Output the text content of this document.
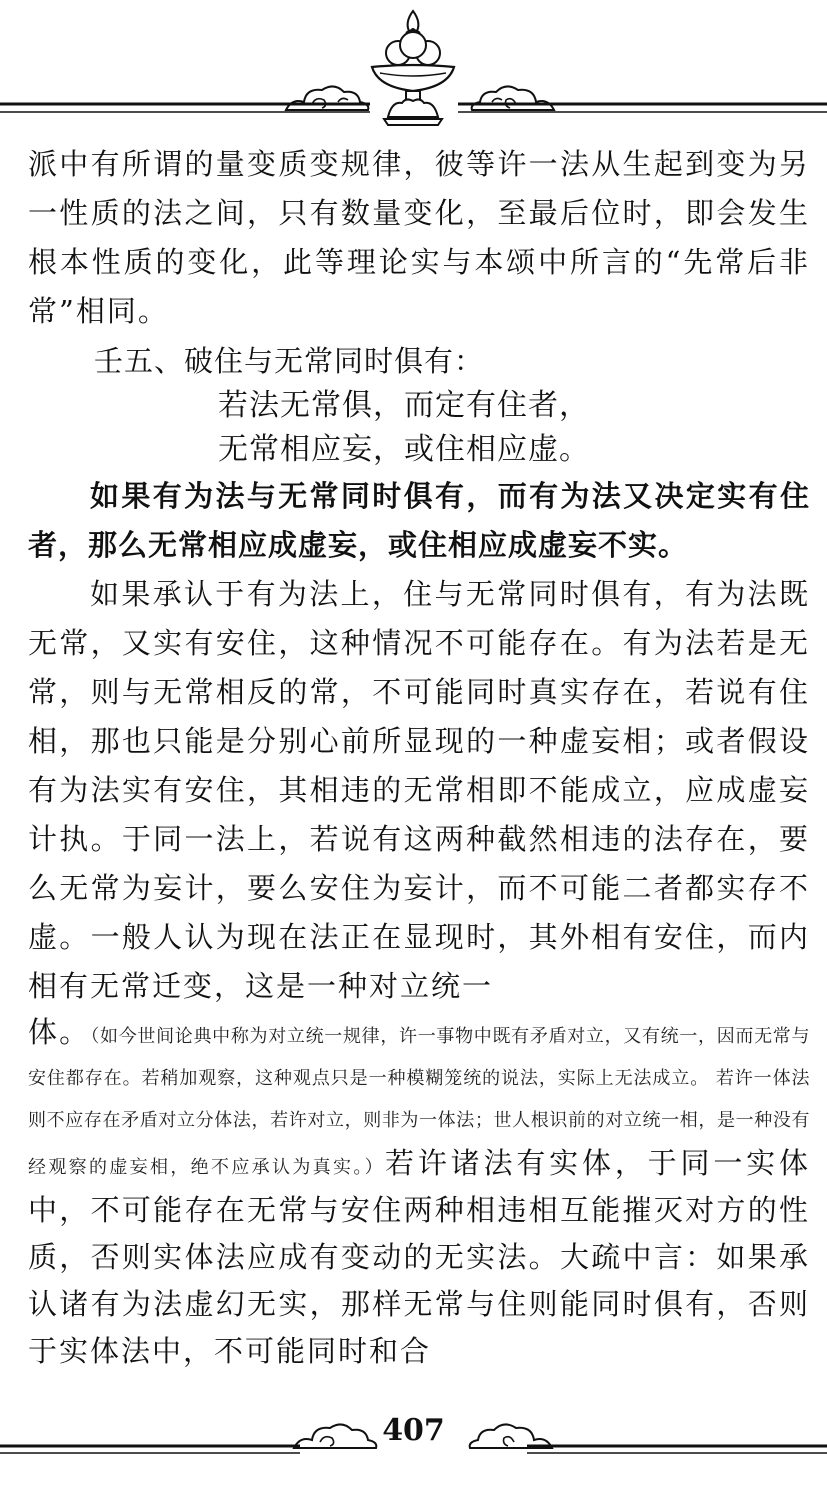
派中有所谓的量变质变规律，彼等许一法从生起到变为另一性质的法之间，只有数量变化，至最后位时，即会发生根本性质的变化，此等理论实与本颂中所言的“先常后非常”相同。

壬五、破住与无常同时俱有：

若法无常俱，而定有住者，

无常相应妄，或住相应虚。

如果有为法与无常同时俱有，而有为法又决定实有住者，那么无常相应成虚妄，或住相应成虚妄不实。

如果承认于有为法上，住与无常同时俱有，有为法既无常，又实有安住，这种情况不可能存在。有为法若是无常，则与无常相反的常，不可能同时真实存在，若说有住相，那也只能是分别心前所显现的一种虚妄相；或者假设有为法实有安住，其相违的无常相即不能成立，应成虚妄计执。于同一法上，若说有这两种截然相违的法存在，要么无常为妄计，要么安住为妄计，而不可能二者都实存不虚。一般人认为现在法正在显现时，其外相有安住，而内相有无常迁变，这是一种对立统一

体。（如今世间论典中称为对立统一规律，许一事物中既有矛盾对立，又有统一，因而无常与安住都存在。若稍加观察，这种观点只是一种模糊笼统的说法，实际上无法成立。 若许一体法则不应存在矛盾对立分体法，若许对立，则非为一体法；世人根识前的对立统一相，是一种没有经观察的虚妄相，绝不应承认为真实。）若许诸法有实体，于同一实体中，不可能存在无常与安住两种相违相互能摧灭对方的性质，否则实体法应成有变动的无实法。大疏中言：如果承认诸有为法虚幻无实，那样无常与住则能同时俱有，否则于实体法中，不可能同时和合

407
